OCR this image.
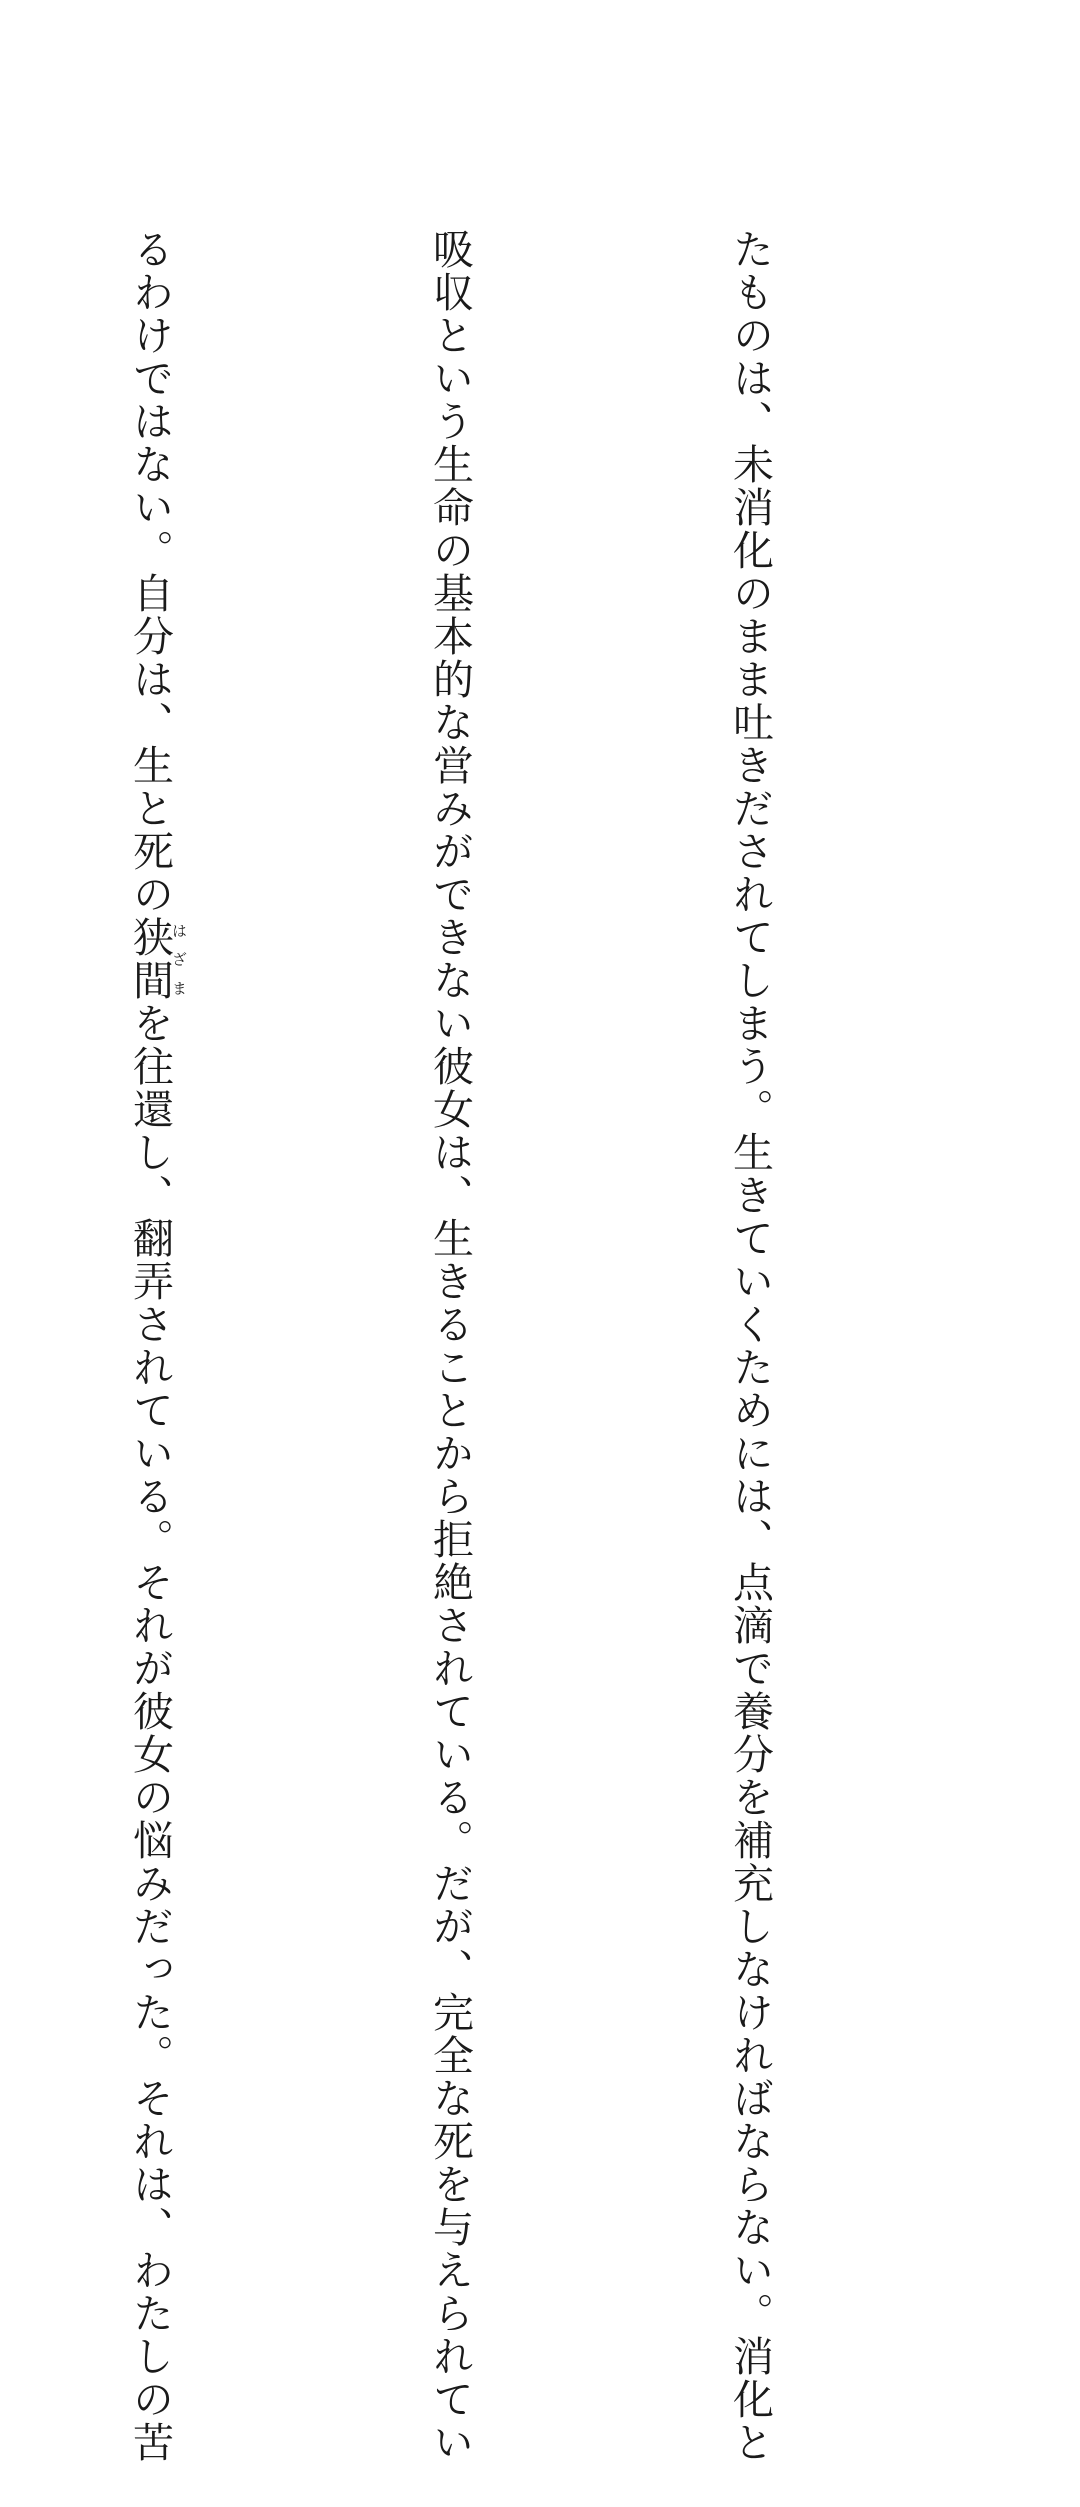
たものは、未消化のまま吐きだされてしまう。生きていくためには、点滴で養分を補充しなければならない。消化と

吸収という生命の基本的な営みができない彼女は、生きることから拒絶されている。だが、完全な死を与えられてい

るわけではない。自分は、生と死の狭間はざまを往還し、翻弄されている。それが彼女の悩みだった。それは、わたしの苦
